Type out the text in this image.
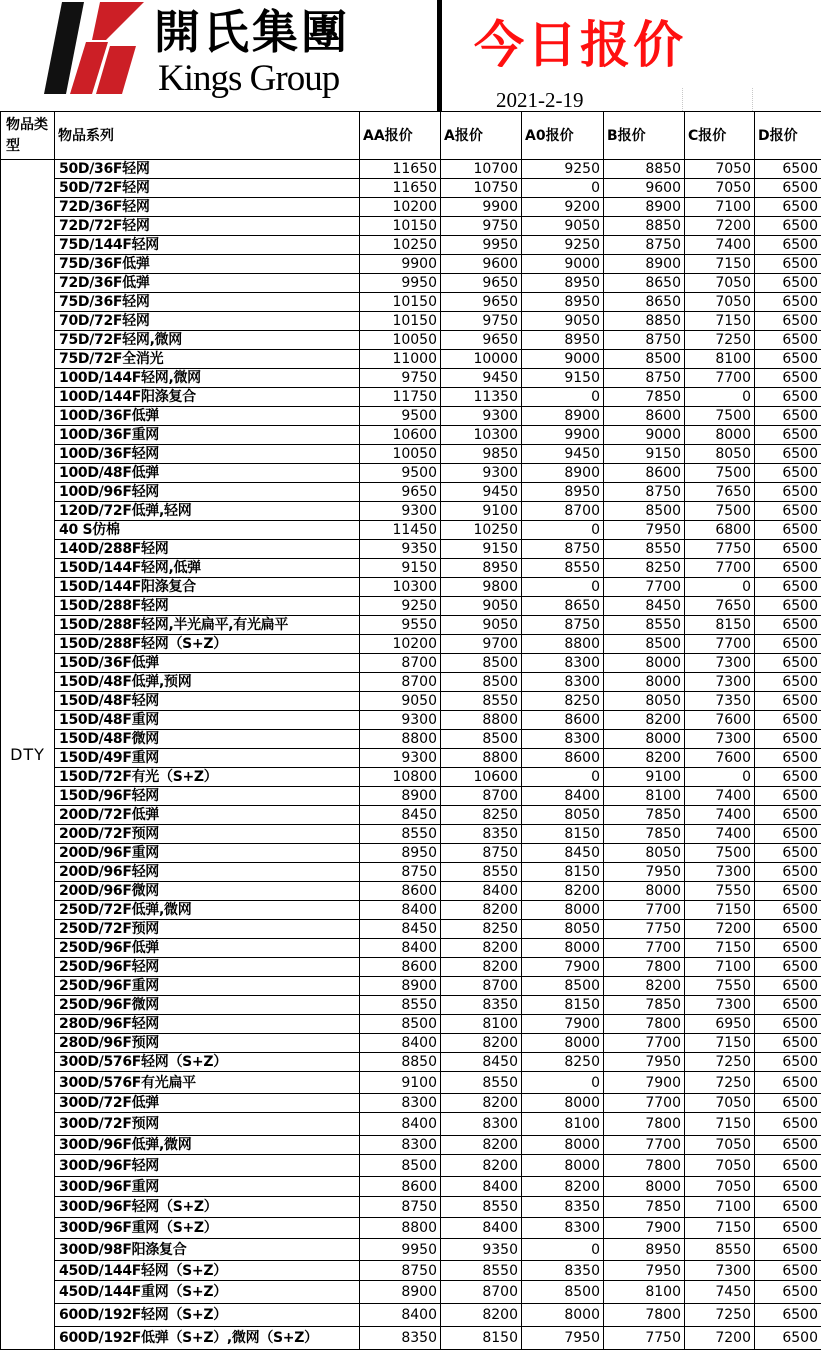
開氏集團
Kings Group
今日报价
2021-2-19
物品类型	物品系列	AA报价	A报价	A0报价	B报价	C报价	D报价
DTY	50D/36F轻网	11650	10700	9250	8850	7050	6500
	50D/72F轻网	11650	10750	0	9600	7050	6500
	72D/36F轻网	10200	9900	9200	8900	7100	6500
	72D/72F轻网	10150	9750	9050	8850	7200	6500
	75D/144F轻网	10250	9950	9250	8750	7400	6500
	75D/36F低弹	9900	9600	9000	8900	7150	6500
	72D/36F低弹	9950	9650	8950	8650	7050	6500
	75D/36F轻网	10150	9650	8950	8650	7050	6500
	70D/72F轻网	10150	9750	9050	8850	7150	6500
	75D/72F轻网,微网	10050	9650	8950	8750	7250	6500
	75D/72F全消光	11000	10000	9000	8500	8100	6500
	100D/144F轻网,微网	9750	9450	9150	8750	7700	6500
	100D/144F阳涤复合	11750	11350	0	7850	0	6500
	100D/36F低弹	9500	9300	8900	8600	7500	6500
	100D/36F重网	10600	10300	9900	9000	8000	6500
	100D/36F轻网	10050	9850	9450	9150	8050	6500
	100D/48F低弹	9500	9300	8900	8600	7500	6500
	100D/96F轻网	9650	9450	8950	8750	7650	6500
	120D/72F低弹,轻网	9300	9100	8700	8500	7500	6500
	40 S仿棉	11450	10250	0	7950	6800	6500
	140D/288F轻网	9350	9150	8750	8550	7750	6500
	150D/144F轻网,低弹	9150	8950	8550	8250	7700	6500
	150D/144F阳涤复合	10300	9800	0	7700	0	6500
	150D/288F轻网	9250	9050	8650	8450	7650	6500
	150D/288F轻网,半光扁平,有光扁平	9550	9050	8750	8550	8150	6500
	150D/288F轻网（S+Z）	10200	9700	8800	8500	7700	6500
	150D/36F低弹	8700	8500	8300	8000	7300	6500
	150D/48F低弹,预网	8700	8500	8300	8000	7300	6500
	150D/48F轻网	9050	8550	8250	8050	7350	6500
	150D/48F重网	9300	8800	8600	8200	7600	6500
	150D/48F微网	8800	8500	8300	8000	7300	6500
	150D/49F重网	9300	8800	8600	8200	7600	6500
	150D/72F有光（S+Z）	10800	10600	0	9100	0	6500
	150D/96F轻网	8900	8700	8400	8100	7400	6500
	200D/72F低弹	8450	8250	8050	7850	7400	6500
	200D/72F预网	8550	8350	8150	7850	7400	6500
	200D/96F重网	8950	8750	8450	8050	7500	6500
	200D/96F轻网	8750	8550	8150	7950	7300	6500
	200D/96F微网	8600	8400	8200	8000	7550	6500
	250D/72F低弹,微网	8400	8200	8000	7700	7150	6500
	250D/72F预网	8450	8250	8050	7750	7200	6500
	250D/96F低弹	8400	8200	8000	7700	7150	6500
	250D/96F轻网	8600	8200	7900	7800	7100	6500
	250D/96F重网	8900	8700	8500	8200	7550	6500
	250D/96F微网	8550	8350	8150	7850	7300	6500
	280D/96F轻网	8500	8100	7900	7800	6950	6500
	280D/96F预网	8400	8200	8000	7700	7150	6500
	300D/576F轻网（S+Z）	8850	8450	8250	7950	7250	6500
	300D/576F有光扁平	9100	8550	0	7900	7250	6500
	300D/72F低弹	8300	8200	8000	7700	7050	6500
	300D/72F预网	8400	8300	8100	7800	7150	6500
	300D/96F低弹,微网	8300	8200	8000	7700	7050	6500
	300D/96F轻网	8500	8200	8000	7800	7050	6500
	300D/96F重网	8600	8400	8200	8000	7050	6500
	300D/96F轻网（S+Z）	8750	8550	8350	7850	7100	6500
	300D/96F重网（S+Z）	8800	8400	8300	7900	7150	6500
	300D/98F阳涤复合	9950	9350	0	8950	8550	6500
	450D/144F轻网（S+Z）	8750	8550	8350	7950	7300	6500
	450D/144F重网（S+Z）	8900	8700	8500	8100	7450	6500
	600D/192F轻网（S+Z）	8400	8200	8000	7800	7250	6500
	600D/192F低弹（S+Z）,微网（S+Z）	8350	8150	7950	7750	7200	6500
